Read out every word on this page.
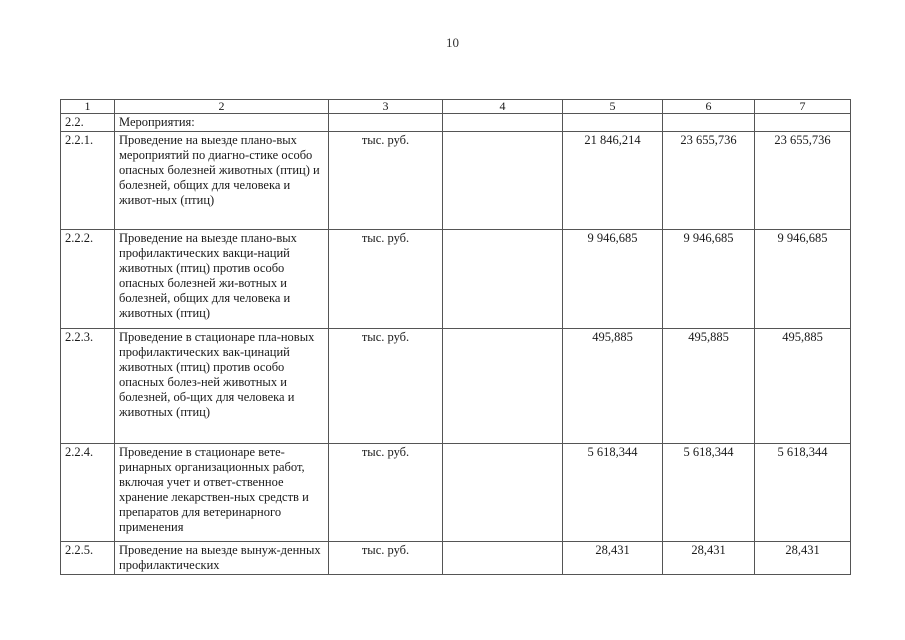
10
1	2	3	4	5	6	7
2.2.	Мероприятия:					
2.2.1.	Проведение на выезде плано-вых мероприятий по диагно-стике особо опасных болезней животных (птиц) и болезней, общих для человека и живот-ных (птиц)	тыс. руб.		21 846,214	23 655,736	23 655,736
2.2.2.	Проведение на выезде плано-вых профилактических вакци-наций животных (птиц) против особо опасных болезней жи-вотных и болезней, общих для человека и животных (птиц)	тыс. руб.		9 946,685	9 946,685	9 946,685
2.2.3.	Проведение в стационаре пла-новых профилактических вак-цинаций животных (птиц) против особо опасных болез-ней животных и болезней, об-щих для человека и животных (птиц)	тыс. руб.		495,885	495,885	495,885
2.2.4.	Проведение в стационаре вете-ринарных организационных работ, включая учет и ответ-ственное хранение лекарствен-ных средств и препаратов для ветеринарного применения	тыс. руб.		5 618,344	5 618,344	5 618,344
2.2.5.	Проведение на выезде вынуж-денных профилактических	тыс. руб.		28,431	28,431	28,431
